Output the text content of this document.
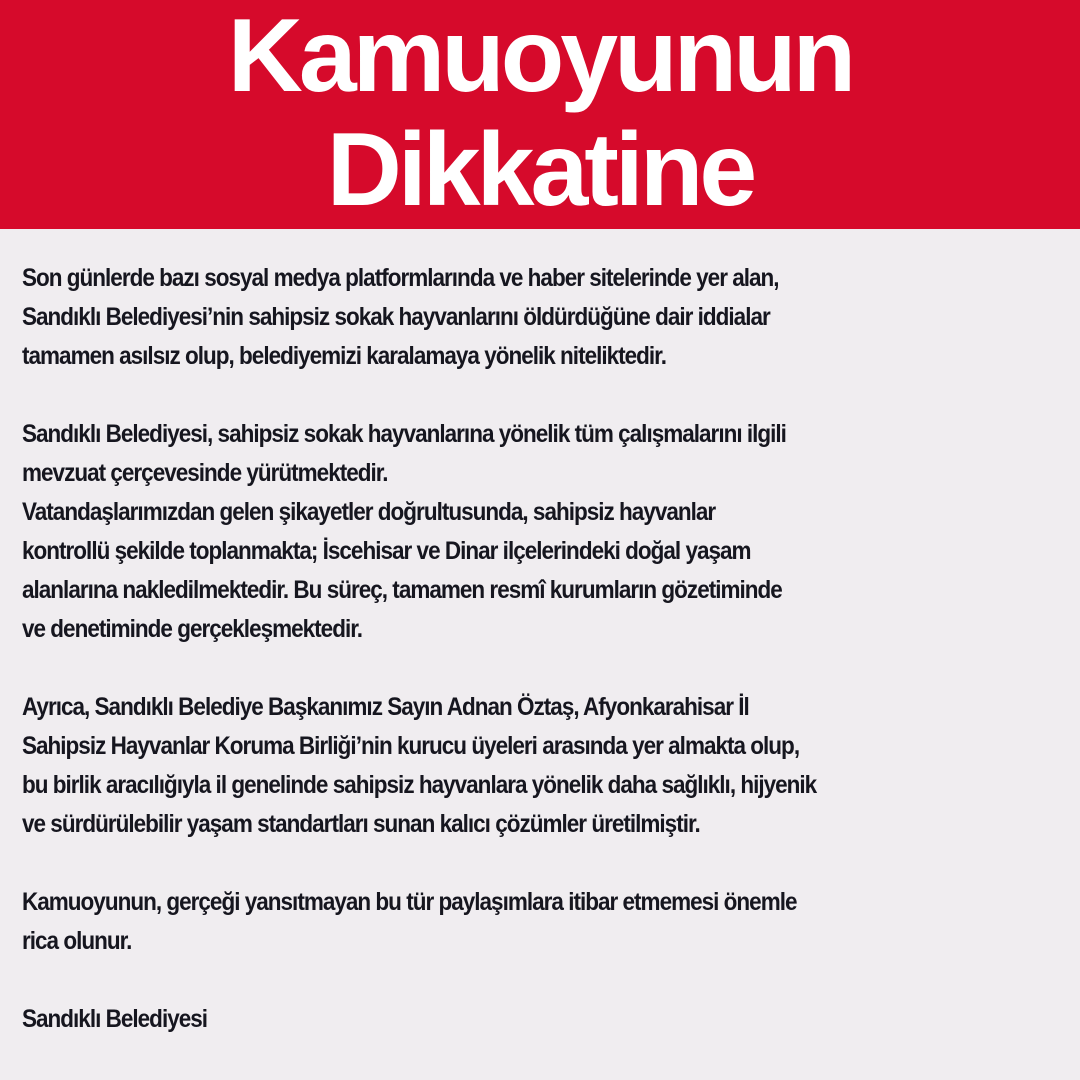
Kamuoyunun
Dikkatine
Son günlerde bazı sosyal medya platformlarında ve haber sitelerinde yer alan,
Sandıklı Belediyesi’nin sahipsiz sokak hayvanlarını öldürdüğüne dair iddialar
tamamen asılsız olup, belediyemizi karalamaya yönelik niteliktedir.
Sandıklı Belediyesi, sahipsiz sokak hayvanlarına yönelik tüm çalışmalarını ilgili
mevzuat çerçevesinde yürütmektedir.
Vatandaşlarımızdan gelen şikayetler doğrultusunda, sahipsiz hayvanlar
kontrollü şekilde toplanmakta; İscehisar ve Dinar ilçelerindeki doğal yaşam
alanlarına nakledilmektedir. Bu süreç, tamamen resmî kurumların gözetiminde
ve denetiminde gerçekleşmektedir.
Ayrıca, Sandıklı Belediye Başkanımız Sayın Adnan Öztaş, Afyonkarahisar İl
Sahipsiz Hayvanlar Koruma Birliği’nin kurucu üyeleri arasında yer almakta olup,
bu birlik aracılığıyla il genelinde sahipsiz hayvanlara yönelik daha sağlıklı, hijyenik
ve sürdürülebilir yaşam standartları sunan kalıcı çözümler üretilmiştir.
Kamuoyunun, gerçeği yansıtmayan bu tür paylaşımlara itibar etmemesi önemle
rica olunur.
Sandıklı Belediyesi
